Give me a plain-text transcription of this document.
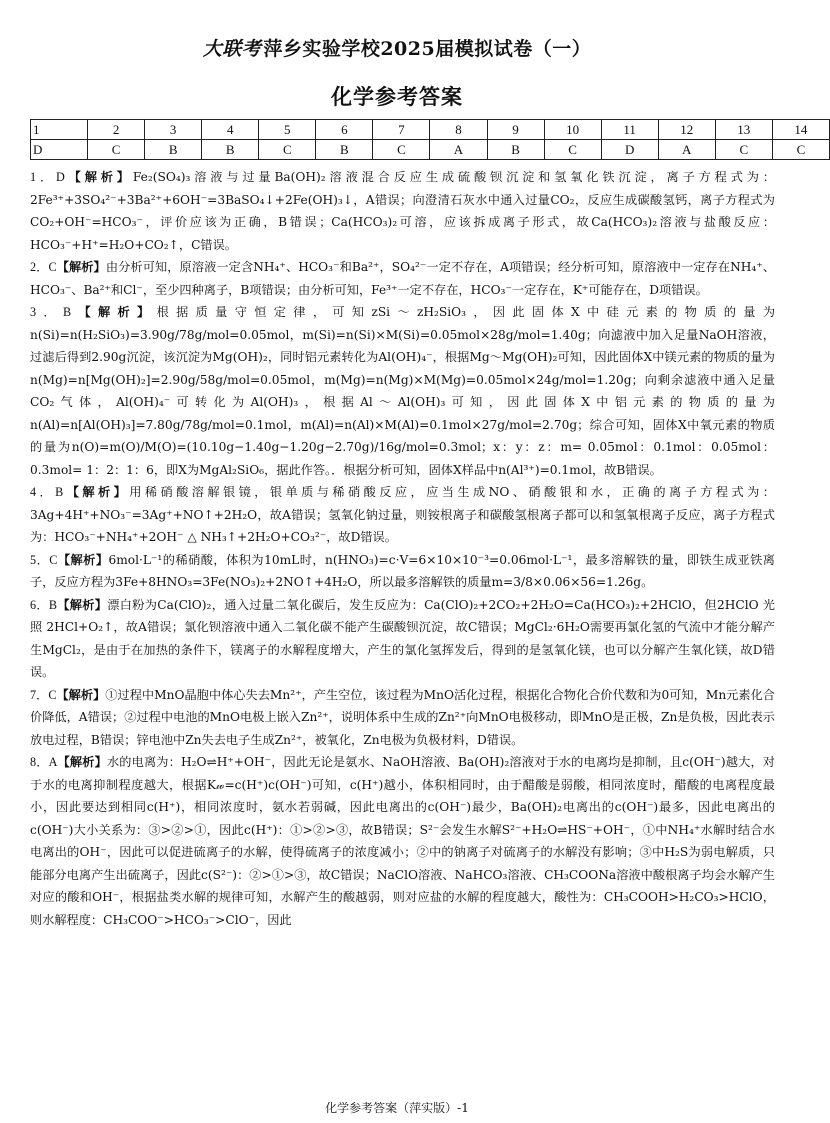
大联考 萍乡实验学校2025届模拟试卷（一）
化学参考答案
1	2	3	4	5	6	7	8	9	10	11	12	13	14
D	C	B	B	C	B	C	A	B	C	D	A	C	C

1．D【解析】Fe₂(SO₄)₃溶液与过量Ba(OH)₂溶液混合反应生成硫酸钡沉淀和氢氧化铁沉淀，离子方程式为：2Fe³⁺+3SO₄²⁻+3Ba²⁺+6OH⁻=3BaSO₄↓+2Fe(OH)₃↓，A错误；向澄清石灰水中通入过量CO₂，反应生成碳酸氢钙，离子方程式为CO₂+OH⁻=HCO₃⁻，评价应该为正确，B错误；Ca(HCO₃)₂可溶，应该拆成离子形式，故Ca(HCO₃)₂溶液与盐酸反应：HCO₃⁻+H⁺=H₂O+CO₂↑，C错误。

2．C【解析】由分析可知，原溶液一定含NH₄⁺、HCO₃⁻和Ba²⁺，SO₄²⁻一定不存在，A项错误；经分析可知，原溶液中一定存在NH₄⁺、HCO₃⁻、Ba²⁺和Cl⁻，至少四种离子，B项错误；由分析可知，Fe³⁺一定不存在，HCO₃⁻一定存在，K⁺可能存在，D项错误。

3．B【解析】根据质量守恒定律，可知zSi～zH₂SiO₃，因此固体X中硅元素的物质的量为n(Si)=n(H₂SiO₃)=3.90g/78g/mol=0.05mol，m(Si)=n(Si)×M(Si)=0.05mol×28g/mol=1.40g；向滤液中加入足量NaOH溶液，过滤后得到2.90g沉淀，该沉淀为Mg(OH)₂，同时铝元素转化为Al(OH)₄⁻，根据Mg～Mg(OH)₂可知，因此固体X中镁元素的物质的量为n(Mg)=n[Mg(OH)₂]=2.90g/58g/mol=0.05mol，m(Mg)=n(Mg)×M(Mg)=0.05mol×24g/mol=1.20g；向剩余滤液中通入足量CO₂气体，Al(OH)₄⁻可转化为Al(OH)₃，根据Al～Al(OH)₃可知，因此固体X中铝元素的物质的量为n(Al)=n[Al(OH)₃]=7.80g/78g/mol=0.1mol，m(Al)=n(Al)×M(Al)=0.1mol×27g/mol=2.70g；综合可知，固体X中氧元素的物质的量为n(O)=m(O)/M(O)=(10.10g−1.40g−1.20g−2.70g)/16g/mol=0.3mol；x：y：z：m= 0.05mol：0.1mol：0.05mol：0.3mol= 1：2：1：6，即X为MgAl₂SiO₆，据此作答。．根据分析可知，固体X样品中n(Al³⁺)=0.1mol，故B错误。

4．B【解析】用稀硝酸溶解银镜，银单质与稀硝酸反应，应当生成NO、硝酸银和水，正确的离子方程式为：3Ag+4H⁺+NO₃⁻=3Ag⁺+NO↑+2H₂O，故A错误；氢氧化钠过量，则铵根离子和碳酸氢根离子都可以和氢氧根离子反应，离子方程式为：HCO₃⁻+NH₄⁺+2OH⁻ △ NH₃↑+2H₂O+CO₃²⁻，故D错误。

5．C【解析】6mol·L⁻¹的稀硝酸，体积为10mL时，n(HNO₃)=c·V=6×10×10⁻³=0.06mol·L⁻¹，最多溶解铁的量，即铁生成亚铁离子，反应方程为3Fe+8HNO₃=3Fe(NO₃)₂+2NO↑+4H₂O，所以最多溶解铁的质量m=3/8×0.06×56=1.26g。

6．B【解析】漂白粉为Ca(ClO)₂，通入过量二氧化碳后，发生反应为：Ca(ClO)₂+2CO₂+2H₂O=Ca(HCO₃)₂+2HClO，但2HClO 光照 2HCl+O₂↑，故A错误；氯化钡溶液中通入二氧化碳不能产生碳酸钡沉淀，故C错误；MgCl₂·6H₂O需要再氯化氢的气流中才能分解产生MgCl₂，是由于在加热的条件下，镁离子的水解程度增大，产生的氯化氢挥发后，得到的是氢氧化镁，也可以分解产生氧化镁，故D错误。

7．C【解析】①过程中MnO晶胞中体心失去Mn²⁺，产生空位，该过程为MnO活化过程，根据化合物化合价代数和为0可知，Mn元素化合价降低，A错误；②过程中电池的MnO电极上嵌入Zn²⁺，说明体系中生成的Zn²⁺向MnO电极移动，即MnO是正极，Zn是负极，因此表示放电过程，B错误；锌电池中Zn失去电子生成Zn²⁺，被氧化，Zn电极为负极材料，D错误。

8．A【解析】水的电离为：H₂O⇌H⁺+OH⁻，因此无论是氨水、NaOH溶液、Ba(OH)₂溶液对于水的电离均是抑制，且c(OH⁻)越大，对于水的电离抑制程度越大，根据K𝓌=c(H⁺)c(OH⁻)可知，c(H⁺)越小，体积相同时，由于醋酸是弱酸，相同浓度时，醋酸的电离程度最小，因此要达到相同c(H⁺)，相同浓度时，氨水若弱碱，因此电离出的c(OH⁻)最少，Ba(OH)₂电离出的c(OH⁻)最多，因此电离出的c(OH⁻)大小关系为：③>②>①，因此c(H⁺)：①>②>③，故B错误；S²⁻会发生水解S²⁻+H₂O⇌HS⁻+OH⁻，①中NH₄⁺水解时结合水电离出的OH⁻，因此可以促进硫离子的水解，使得硫离子的浓度减小；②中的钠离子对硫离子的水解没有影响；③中H₂S为弱电解质，只能部分电离产生出硫离子，因此c(S²⁻)：②>①>③，故C错误；NaClO溶液、NaHCO₃溶液、CH₃COONa溶液中酸根离子均会水解产生对应的酸和OH⁻，根据盐类水解的规律可知，水解产生的酸越弱，则对应盐的水解的程度越大，酸性为：CH₃COOH>H₂CO₃>HClO，则水解程度：CH₃COO⁻>HCO₃⁻>ClO⁻，因此

化学参考答案（萍实版）-1
